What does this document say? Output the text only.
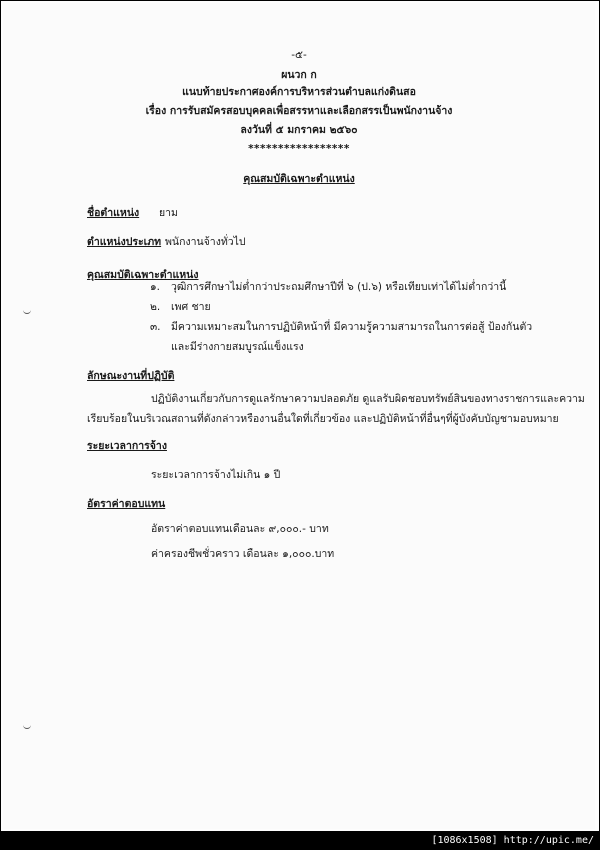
-๕-
ผนวก ก
แนบท้ายประกาศองค์การบริหารส่วนตำบลแก่งดินสอ
เรื่อง การรับสมัครสอบบุคคลเพื่อสรรหาและเลือกสรรเป็นพนักงานจ้าง
ลงวันที่ ๕ มกราคม ๒๕๖๐
*****************
คุณสมบัติเฉพาะตำแหน่ง
ชื่อตำแหน่ง ยาม
ตำแหน่งประเภท พนักงานจ้างทั่วไป
คุณสมบัติเฉพาะตำแหน่ง
๑. วุฒิการศึกษาไม่ต่ำกว่าประถมศึกษาปีที่ ๖ (ป.๖) หรือเทียบเท่าได้ไม่ต่ำกว่านี้
๒. เพศ ชาย
๓. มีความเหมาะสมในการปฏิบัติหน้าที่ มีความรู้ความสามารถในการต่อสู้ ป้องกันตัว
และมีร่างกายสมบูรณ์แข็งแรง
ลักษณะงานที่ปฏิบัติ
ปฏิบัติงานเกี่ยวกับการดูแลรักษาความปลอดภัย ดูแลรับผิดชอบทรัพย์สินของทางราชการและความ
เรียบร้อยในบริเวณสถานที่ดังกล่าวหรืองานอื่นใดที่เกี่ยวข้อง และปฏิบัติหน้าที่อื่นๆที่ผู้บังคับบัญชามอบหมาย
ระยะเวลาการจ้าง
ระยะเวลาการจ้างไม่เกิน ๑ ปี
อัตราค่าตอบแทน
อัตราค่าตอบแทนเดือนละ ๙,๐๐๐.- บาท
ค่าครองชีพชั่วคราว เดือนละ ๑,๐๐๐.บาท
[1086x1508] http://upic.me/
